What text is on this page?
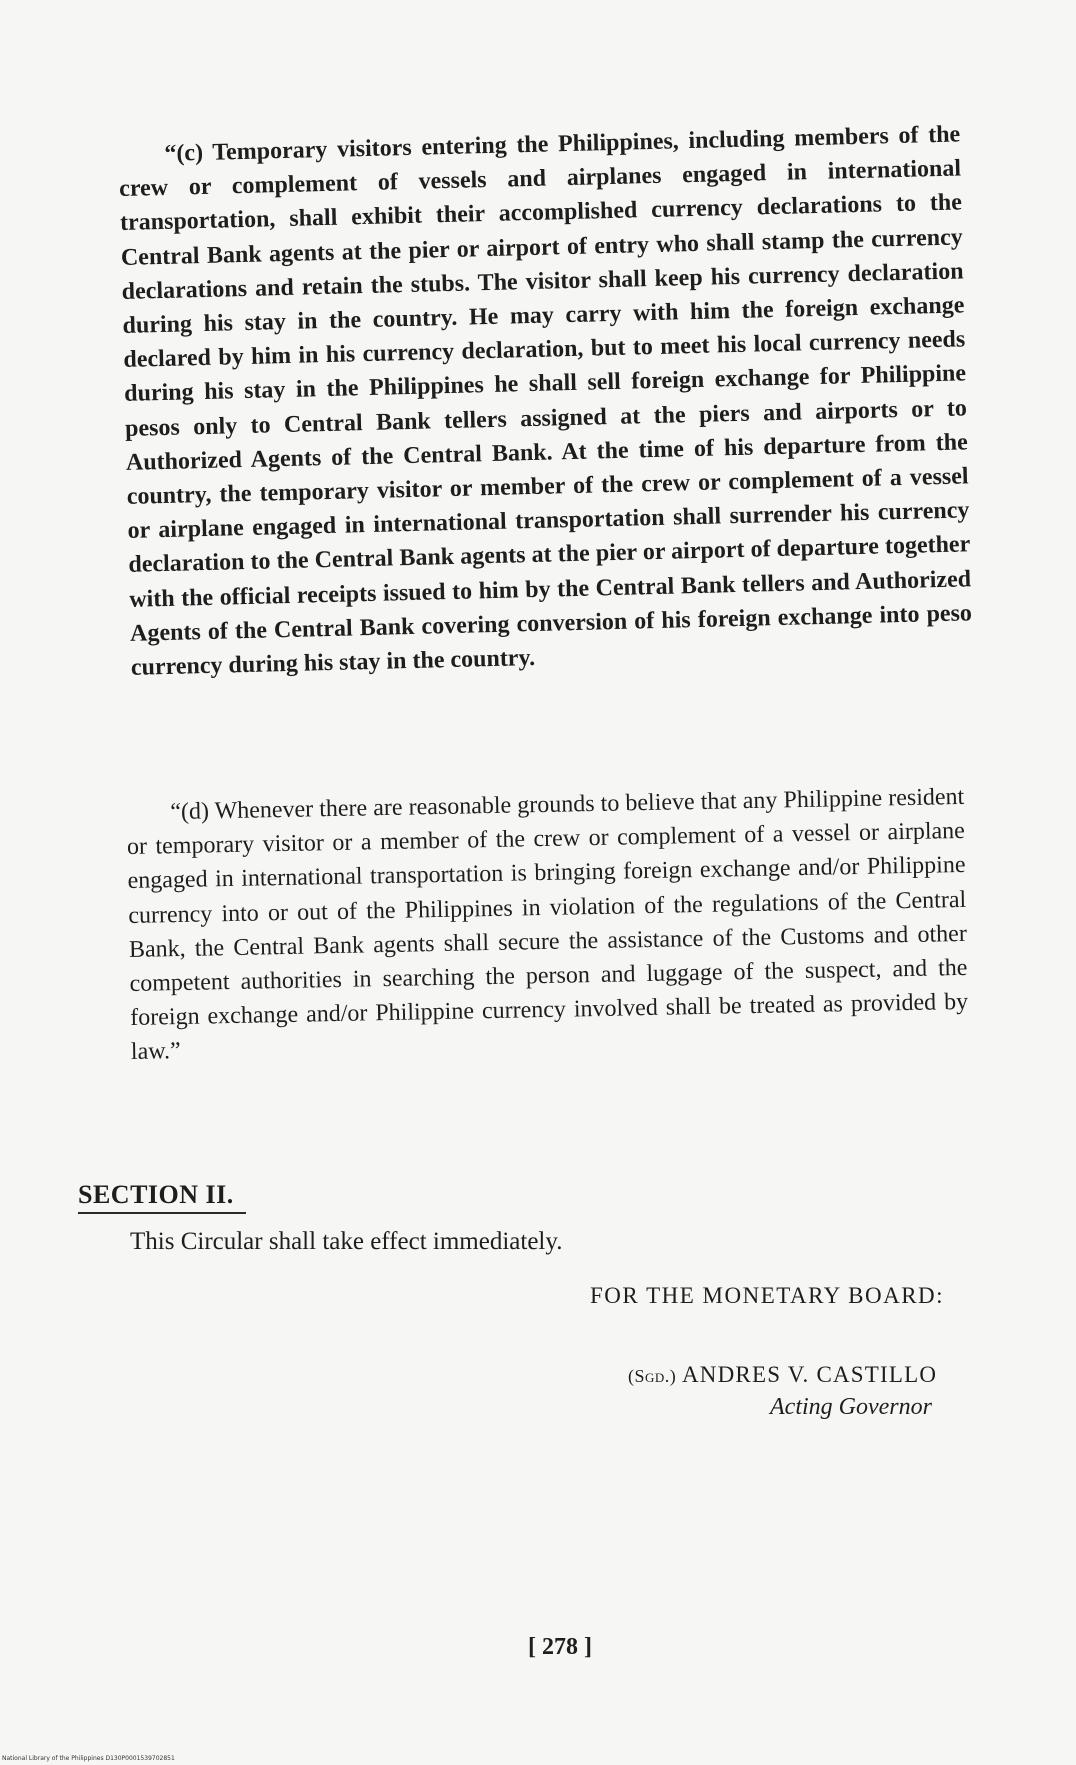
“(c) Temporary visitors entering the Philippines, including members of the crew or complement of vessels and airplanes engaged in international transportation, shall exhibit their accomplished currency declarations to the Central Bank agents at the pier or airport of entry who shall stamp the currency declarations and retain the stubs. The visitor shall keep his currency declaration during his stay in the country. He may carry with him the foreign exchange declared by him in his currency declaration, but to meet his local currency needs during his stay in the Philippines he shall sell foreign exchange for Philippine pesos only to Central Bank tellers assigned at the piers and airports or to Authorized Agents of the Central Bank. At the time of his departure from the country, the temporary visitor or member of the crew or complement of a vessel or airplane engaged in international transportation shall surrender his currency declaration to the Central Bank agents at the pier or airport of departure together with the official receipts issued to him by the Central Bank tellers and Authorized Agents of the Central Bank covering conversion of his foreign exchange into peso currency during his stay in the country.

“(d) Whenever there are reasonable grounds to believe that any Philippine resident or temporary visitor or a member of the crew or complement of a vessel or airplane engaged in international transportation is bringing foreign exchange and/or Philippine currency into or out of the Philippines in violation of the regulations of the Central Bank, the Central Bank agents shall secure the assistance of the Customs and other competent authorities in searching the person and luggage of the suspect, and the foreign exchange and/or Philippine currency involved shall be treated as provided by law.”

SECTION II.

This Circular shall take effect immediately.

FOR THE MONETARY BOARD:

(Sgd.) ANDRES V. CASTILLO

Acting Governor

[ 278 ]

National Library of the Philippines D130P0001539702851
